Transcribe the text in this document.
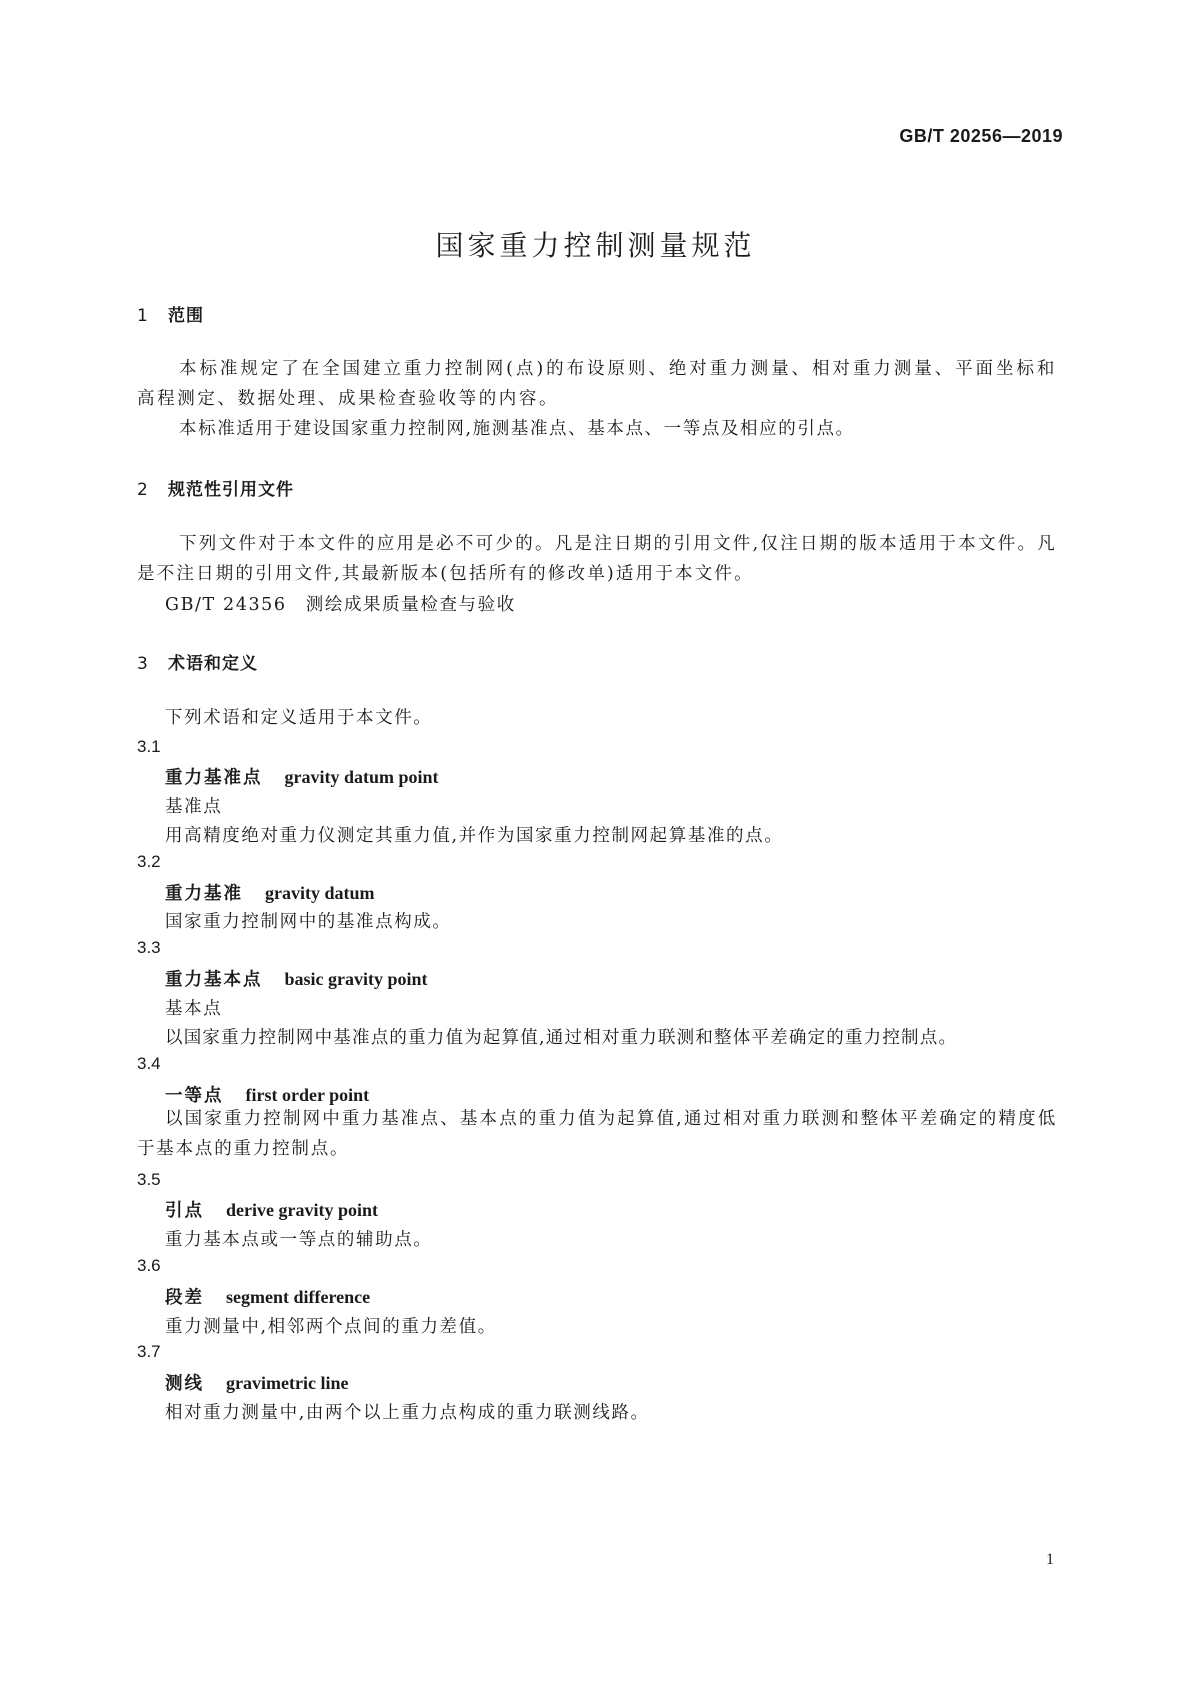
GB/T 20256—2019
国家重力控制测量规范
1 范围
本标准规定了在全国建立重力控制网(点)的布设原则、绝对重力测量、相对重力测量、平面坐标和高程测定、数据处理、成果检查验收等的内容。
本标准适用于建设国家重力控制网,施测基准点、基本点、一等点及相应的引点。
2 规范性引用文件
下列文件对于本文件的应用是必不可少的。凡是注日期的引用文件,仅注日期的版本适用于本文件。凡是不注日期的引用文件,其最新版本(包括所有的修改单)适用于本文件。
GB/T 24356　测绘成果质量检查与验收
3 术语和定义
下列术语和定义适用于本文件。
3.1
重力基准点 gravity datum point
基准点
用高精度绝对重力仪测定其重力值,并作为国家重力控制网起算基准的点。
3.2
重力基准 gravity datum
国家重力控制网中的基准点构成。
3.3
重力基本点 basic gravity point
基本点
以国家重力控制网中基准点的重力值为起算值,通过相对重力联测和整体平差确定的重力控制点。
3.4
一等点 first order point
以国家重力控制网中重力基准点、基本点的重力值为起算值,通过相对重力联测和整体平差确定的精度低于基本点的重力控制点。
3.5
引点 derive gravity point
重力基本点或一等点的辅助点。
3.6
段差 segment difference
重力测量中,相邻两个点间的重力差值。
3.7
测线 gravimetric line
相对重力测量中,由两个以上重力点构成的重力联测线路。
1
